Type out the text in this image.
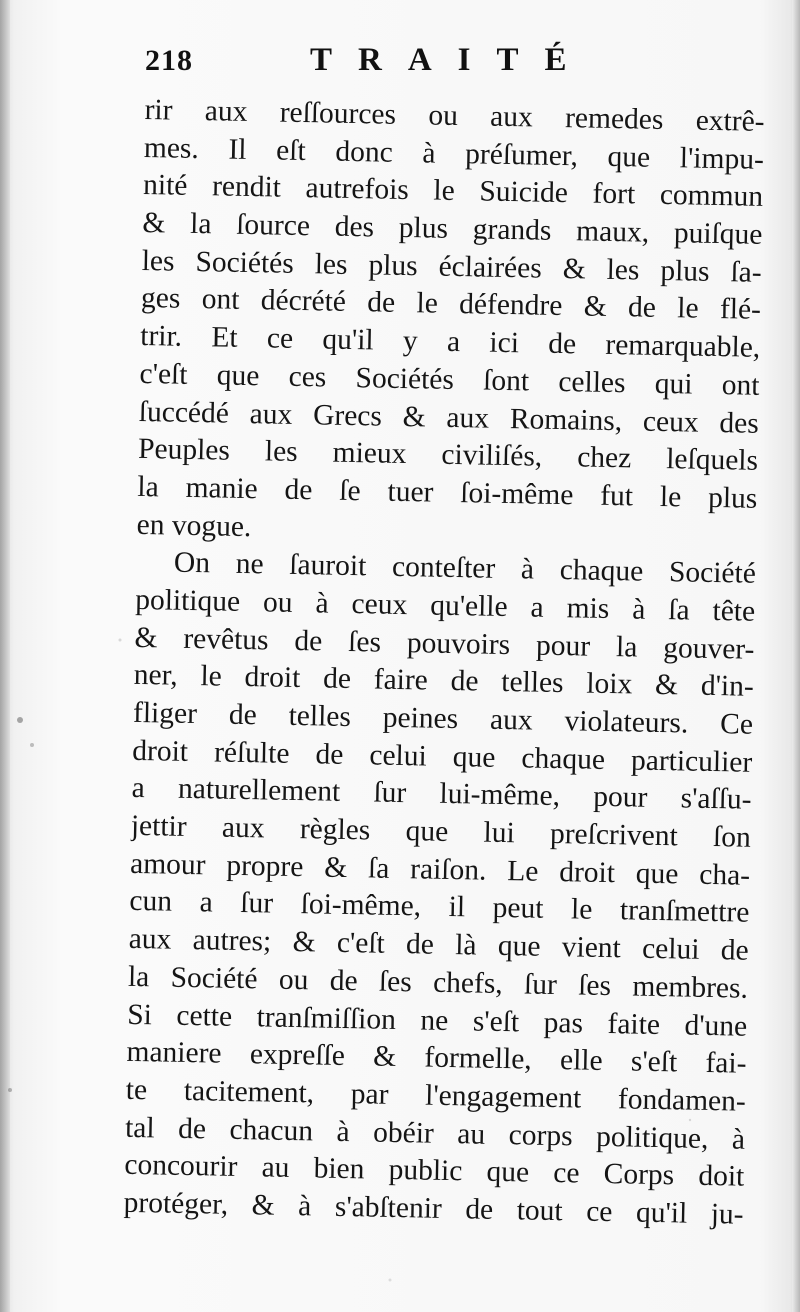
218	TRAITÉ
rir aux reſſources ou aux remedes extrê-
mes. Il eſt donc à préſumer, que l'impu-
nité rendit autrefois le Suicide fort commun
& la ſource des plus grands maux, puiſque
les Sociétés les plus éclairées & les plus ſa-
ges ont décrété de le défendre & de le flé-
trir. Et ce qu'il y a ici de remarquable,
c'eſt que ces Sociétés ſont celles qui ont
ſuccédé aux Grecs & aux Romains, ceux des
Peuples les mieux civiliſés, chez leſquels
la manie de ſe tuer ſoi-même fut le plus
en vogue.
On ne ſauroit conteſter à chaque Société
politique ou à ceux qu'elle a mis à ſa tête
& revêtus de ſes pouvoirs pour la gouver-
ner, le droit de faire de telles loix & d'in-
fliger de telles peines aux violateurs. Ce
droit réſulte de celui que chaque particulier
a naturellement ſur lui-même, pour s'aſſu-
jettir aux règles que lui preſcrivent ſon
amour propre & ſa raiſon. Le droit que cha-
cun a ſur ſoi-même, il peut le tranſmettre
aux autres; & c'eſt de là que vient celui de
la Société ou de ſes chefs, ſur ſes membres.
Si cette tranſmiſſion ne s'eſt pas faite d'une
maniere expreſſe & formelle, elle s'eſt fai-
te tacitement, par l'engagement fondamen-
tal de chacun à obéir au corps politique, à
concourir au bien public que ce Corps doit
protéger, & à s'abſtenir de tout ce qu'il ju-
